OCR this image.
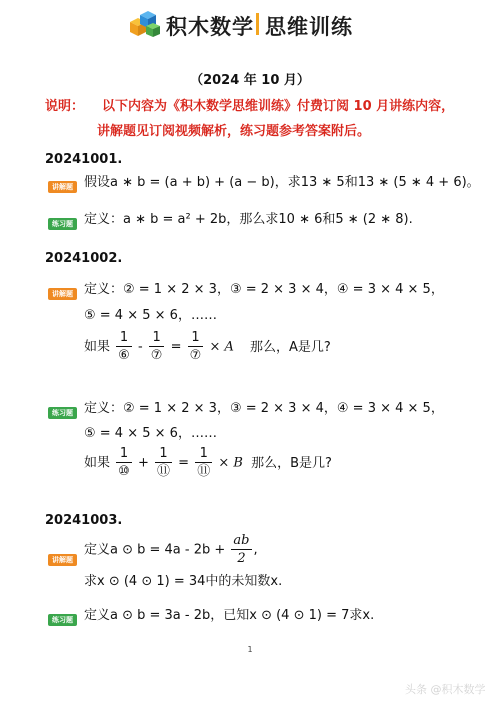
积木数学 思维训练
（2024 年 10 月）
说明： 以下内容为《积木数学思维训练》付费订阅 10 月讲练内容，
讲解题见订阅视频解析，练习题参考答案附后。
20241001.
讲解题 假设a ∗ b = (a + b) + (a − b)，求13 ∗ 5和13 ∗ (5 ∗ 4 + 6)。
练习题 定义：a ∗ b = a² + 2b，那么求10 ∗ 6和5 ∗ (2 ∗ 8).
20241002.
讲解题 定义：② = 1 × 2 × 3，③ = 2 × 3 × 4，④ = 3 × 4 × 5，
⑤ = 4 × 5 × 6，……
如果 $\frac{1}{\text{⑥}} - \frac{1}{\text{⑦}} = \frac{1}{\text{⑦}} \times A$ 那么，A是几?
练习题 定义：② = 1 × 2 × 3，③ = 2 × 3 × 4，④ = 3 × 4 × 5，
⑤ = 4 × 5 × 6，……
如果 $\frac{1}{\text{⑩}} + \frac{1}{\text{⑪}} = \frac{1}{\text{⑪}} \times B$ 那么，B是几?
20241003.
讲解题
定义a ⊙ $b = 4a - 2b + \frac{ab}{2}$ ,
求x ⊙ (4 ⊙ 1) = 34中的未知数x.
练习题 定义a ⊙ b = 3a - 2b，已知x ⊙ (4 ⊙ 1) = 7求x.
1
头条 @积木数学
